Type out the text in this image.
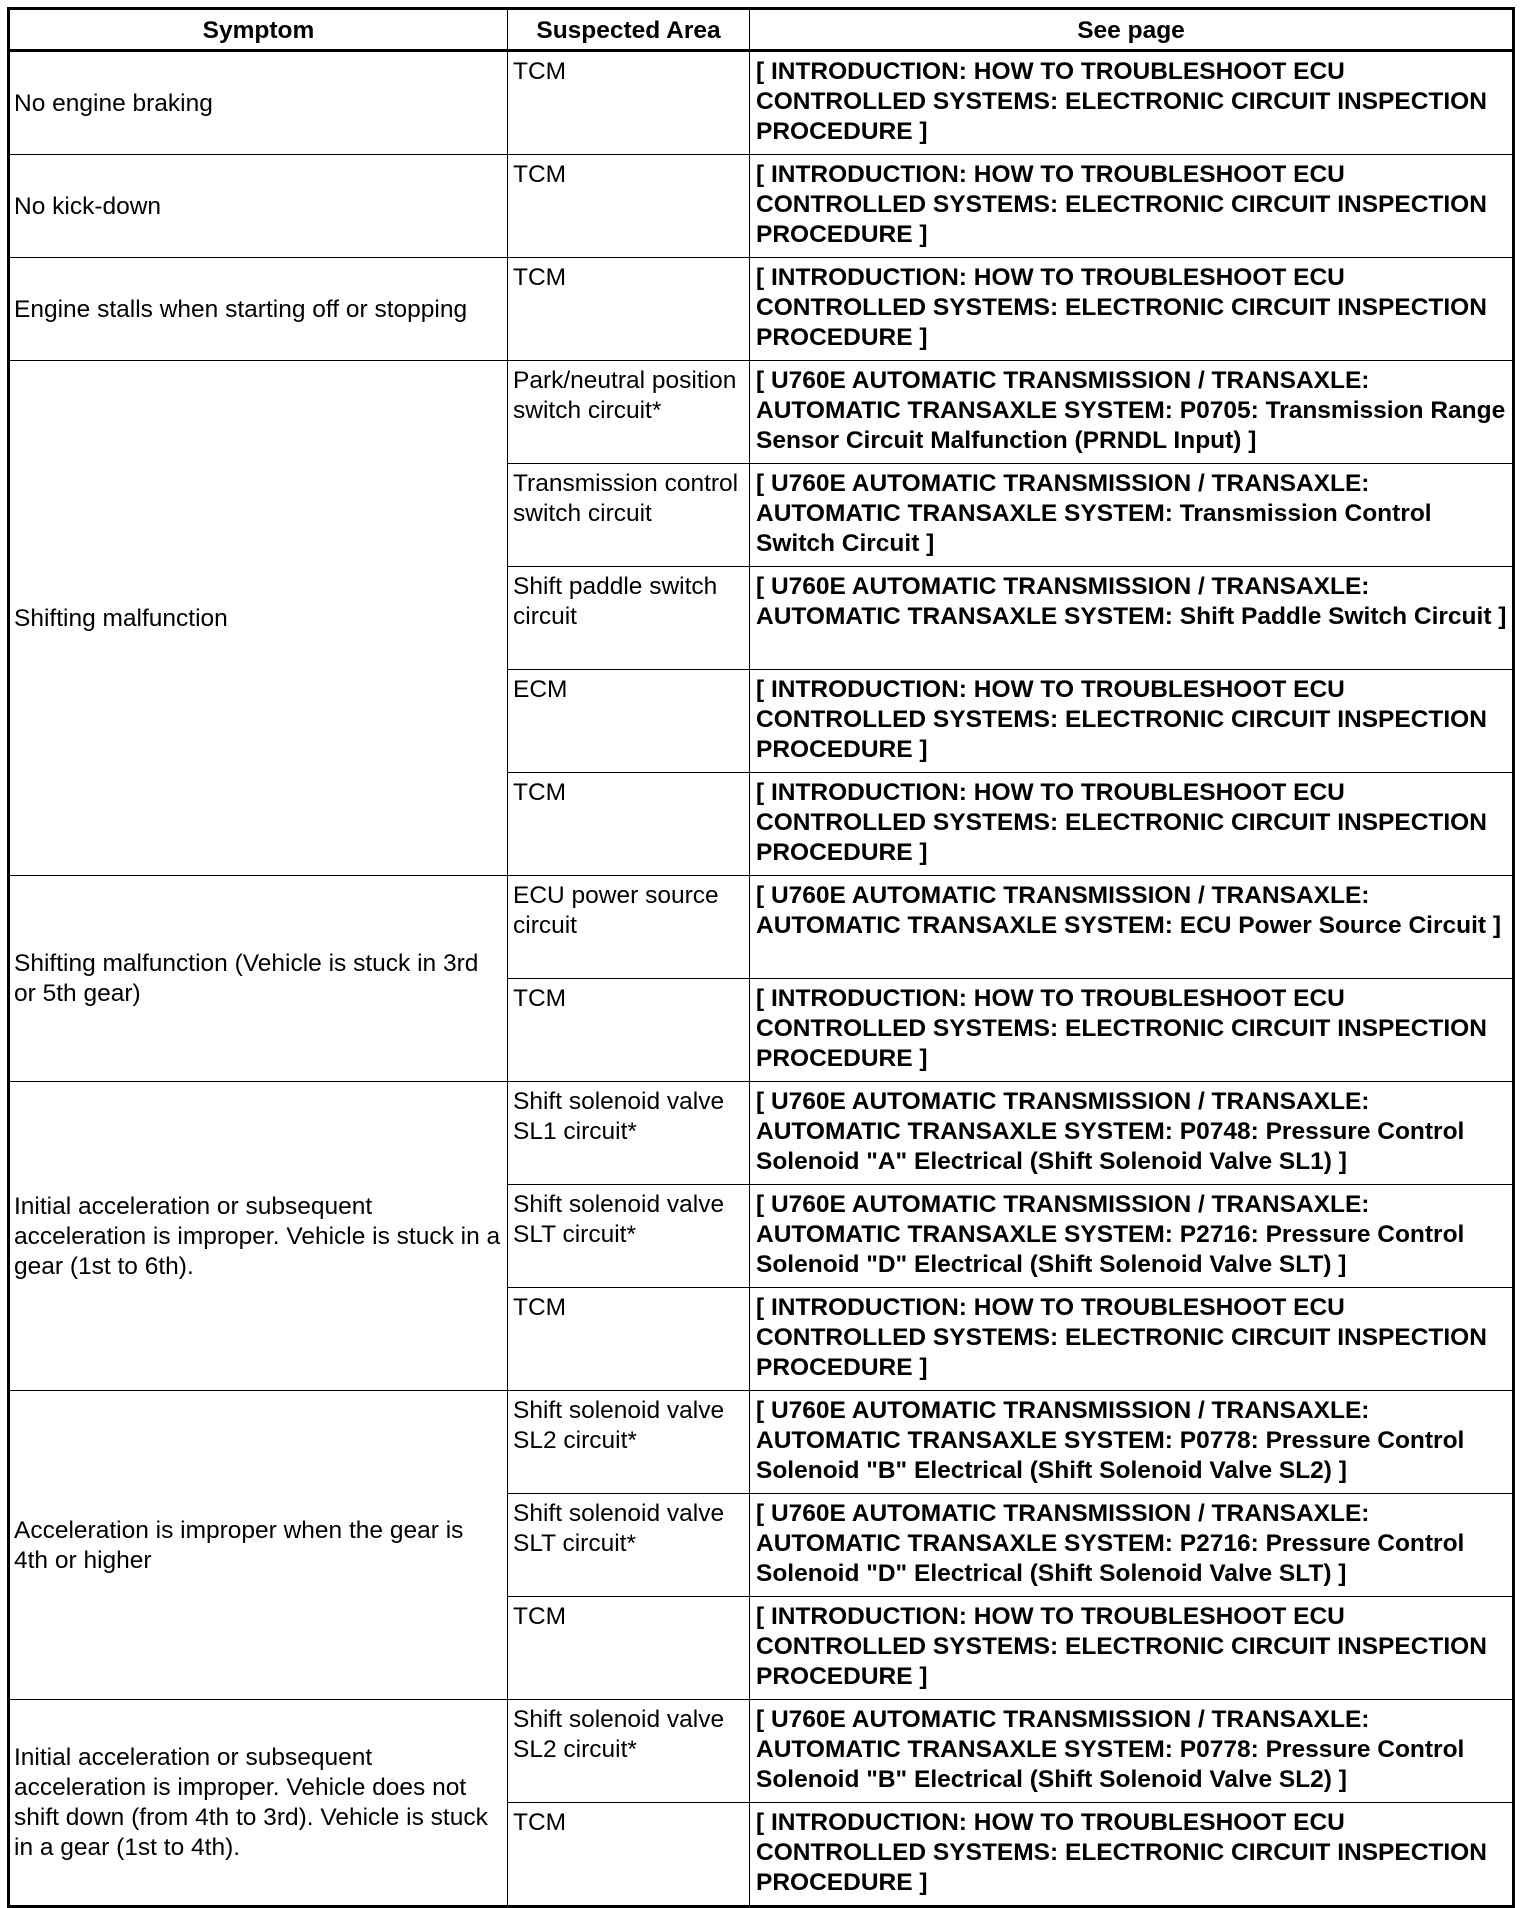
Symptom	Suspected Area	See page
No engine braking	TCM	[ INTRODUCTION: HOW TO TROUBLESHOOT ECU CONTROLLED SYSTEMS: ELECTRONIC CIRCUIT INSPECTION PROCEDURE ]
No kick-down	TCM	[ INTRODUCTION: HOW TO TROUBLESHOOT ECU CONTROLLED SYSTEMS: ELECTRONIC CIRCUIT INSPECTION PROCEDURE ]
Engine stalls when starting off or stopping	TCM	[ INTRODUCTION: HOW TO TROUBLESHOOT ECU CONTROLLED SYSTEMS: ELECTRONIC CIRCUIT INSPECTION PROCEDURE ]
Shifting malfunction	Park/neutral position switch circuit*	[ U760E AUTOMATIC TRANSMISSION / TRANSAXLE: AUTOMATIC TRANSAXLE SYSTEM: P0705: Transmission Range Sensor Circuit Malfunction (PRNDL Input) ]
	Transmission control switch circuit	[ U760E AUTOMATIC TRANSMISSION / TRANSAXLE: AUTOMATIC TRANSAXLE SYSTEM: Transmission Control Switch Circuit ]
	Shift paddle switch circuit	[ U760E AUTOMATIC TRANSMISSION / TRANSAXLE: AUTOMATIC TRANSAXLE SYSTEM: Shift Paddle Switch Circuit ]
	ECM	[ INTRODUCTION: HOW TO TROUBLESHOOT ECU CONTROLLED SYSTEMS: ELECTRONIC CIRCUIT INSPECTION PROCEDURE ]
	TCM	[ INTRODUCTION: HOW TO TROUBLESHOOT ECU CONTROLLED SYSTEMS: ELECTRONIC CIRCUIT INSPECTION PROCEDURE ]
Shifting malfunction (Vehicle is stuck in 3rd or 5th gear)	ECU power source circuit	[ U760E AUTOMATIC TRANSMISSION / TRANSAXLE: AUTOMATIC TRANSAXLE SYSTEM: ECU Power Source Circuit ]
	TCM	[ INTRODUCTION: HOW TO TROUBLESHOOT ECU CONTROLLED SYSTEMS: ELECTRONIC CIRCUIT INSPECTION PROCEDURE ]
Initial acceleration or subsequent acceleration is improper. Vehicle is stuck in a gear (1st to 6th).	Shift solenoid valve SL1 circuit*	[ U760E AUTOMATIC TRANSMISSION / TRANSAXLE: AUTOMATIC TRANSAXLE SYSTEM: P0748: Pressure Control Solenoid "A" Electrical (Shift Solenoid Valve SL1) ]
	Shift solenoid valve SLT circuit*	[ U760E AUTOMATIC TRANSMISSION / TRANSAXLE: AUTOMATIC TRANSAXLE SYSTEM: P2716: Pressure Control Solenoid "D" Electrical (Shift Solenoid Valve SLT) ]
	TCM	[ INTRODUCTION: HOW TO TROUBLESHOOT ECU CONTROLLED SYSTEMS: ELECTRONIC CIRCUIT INSPECTION PROCEDURE ]
Acceleration is improper when the gear is 4th or higher	Shift solenoid valve SL2 circuit*	[ U760E AUTOMATIC TRANSMISSION / TRANSAXLE: AUTOMATIC TRANSAXLE SYSTEM: P0778: Pressure Control Solenoid "B" Electrical (Shift Solenoid Valve SL2) ]
	Shift solenoid valve SLT circuit*	[ U760E AUTOMATIC TRANSMISSION / TRANSAXLE: AUTOMATIC TRANSAXLE SYSTEM: P2716: Pressure Control Solenoid "D" Electrical (Shift Solenoid Valve SLT) ]
	TCM	[ INTRODUCTION: HOW TO TROUBLESHOOT ECU CONTROLLED SYSTEMS: ELECTRONIC CIRCUIT INSPECTION PROCEDURE ]
Initial acceleration or subsequent acceleration is improper. Vehicle does not shift down (from 4th to 3rd). Vehicle is stuck in a gear (1st to 4th).	Shift solenoid valve SL2 circuit*	[ U760E AUTOMATIC TRANSMISSION / TRANSAXLE: AUTOMATIC TRANSAXLE SYSTEM: P0778: Pressure Control Solenoid "B" Electrical (Shift Solenoid Valve SL2) ]
	TCM	[ INTRODUCTION: HOW TO TROUBLESHOOT ECU CONTROLLED SYSTEMS: ELECTRONIC CIRCUIT INSPECTION PROCEDURE ]
